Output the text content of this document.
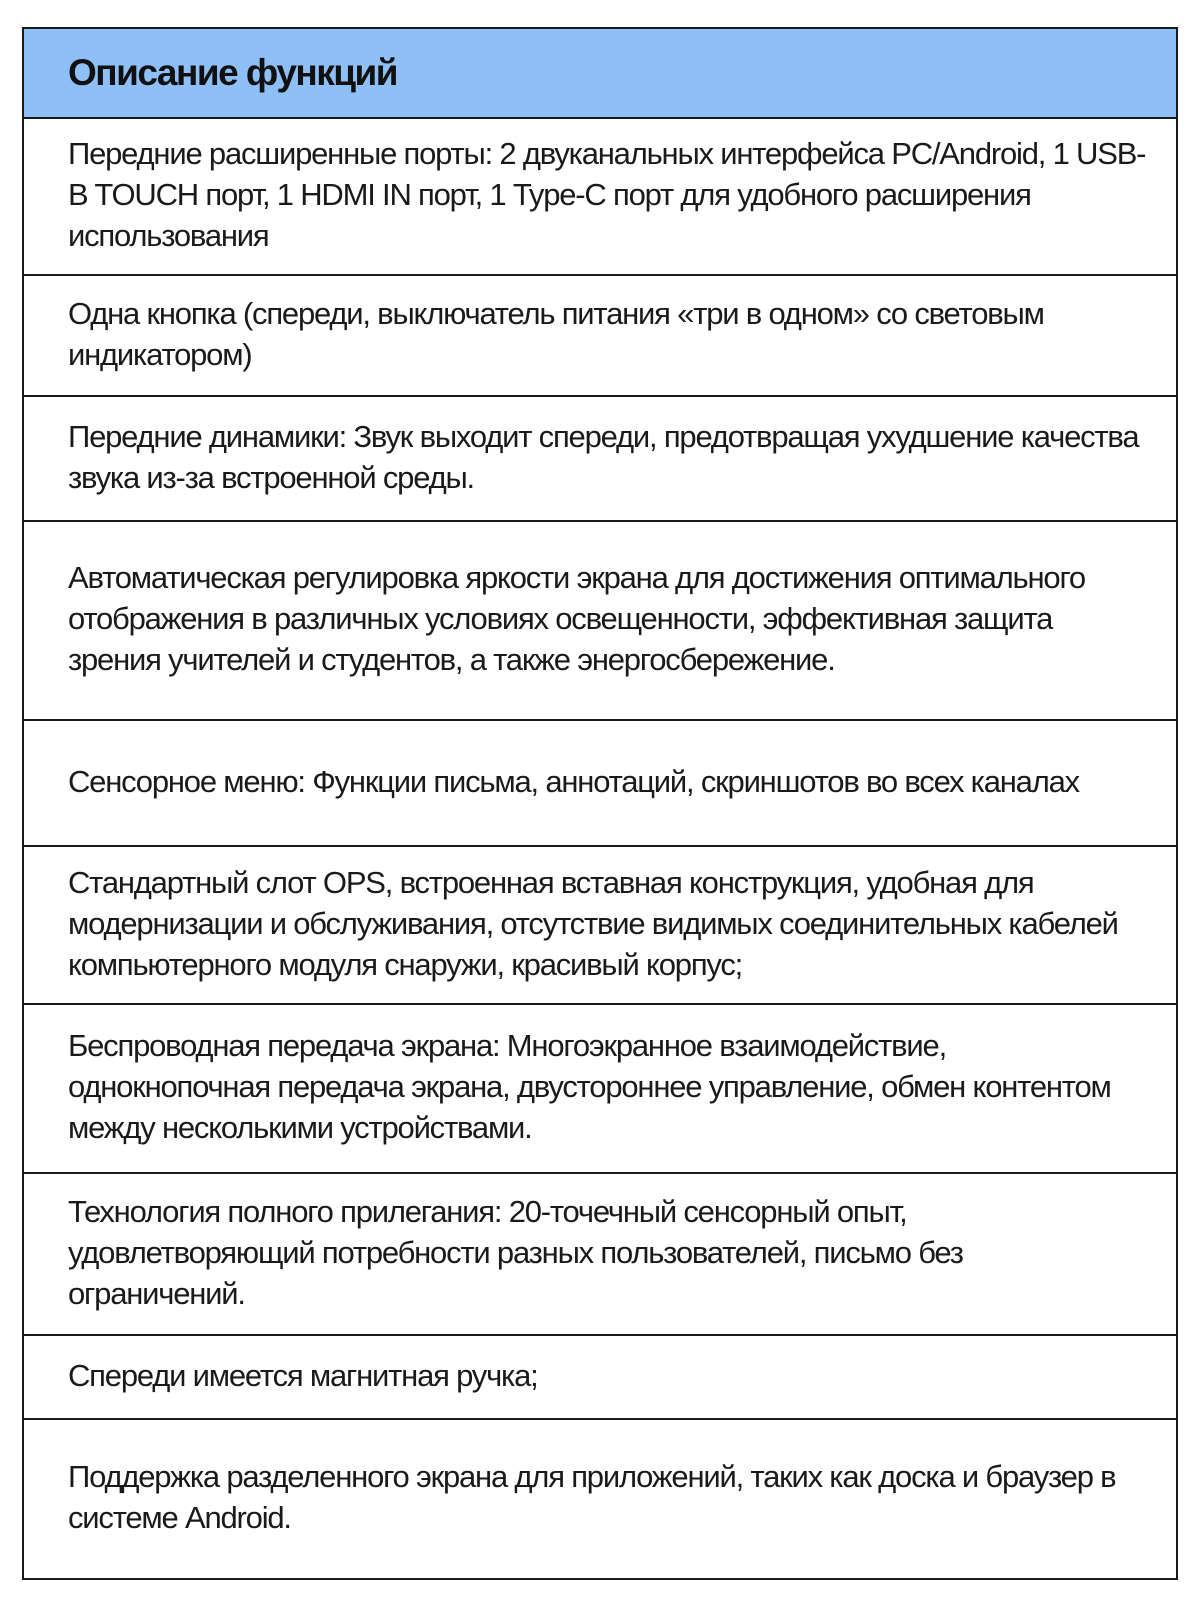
Описание функций
Передние расширенные порты: 2 двуканальных интерфейса PC/Android, 1 USB-B TOUCH порт, 1 HDMI IN порт, 1 Type-C порт для удобного расширения использования
Одна кнопка (спереди, выключатель питания «три в одном» со световым индикатором)
Передние динамики: Звук выходит спереди, предотвращая ухудшение качества звука из-за встроенной среды.
Автоматическая регулировка яркости экрана для достижения оптимального отображения в различных условиях освещенности, эффективная защита зрения учителей и студентов, а также энергосбережение.
Сенсорное меню: Функции письма, аннотаций, скриншотов во всех каналах
Стандартный слот OPS, встроенная вставная конструкция, удобная для модернизации и обслуживания, отсутствие видимых соединительных кабелей компьютерного модуля снаружи, красивый корпус;
Беспроводная передача экрана: Многоэкранное взаимодействие, однокнопочная передача экрана, двустороннее управление, обмен контентом между несколькими устройствами.
Технология полного прилегания: 20-точечный сенсорный опыт, удовлетворяющий потребности разных пользователей, письмо без ограничений.
Спереди имеется магнитная ручка;
Поддержка разделенного экрана для приложений, таких как доска и браузер в системе Android.
